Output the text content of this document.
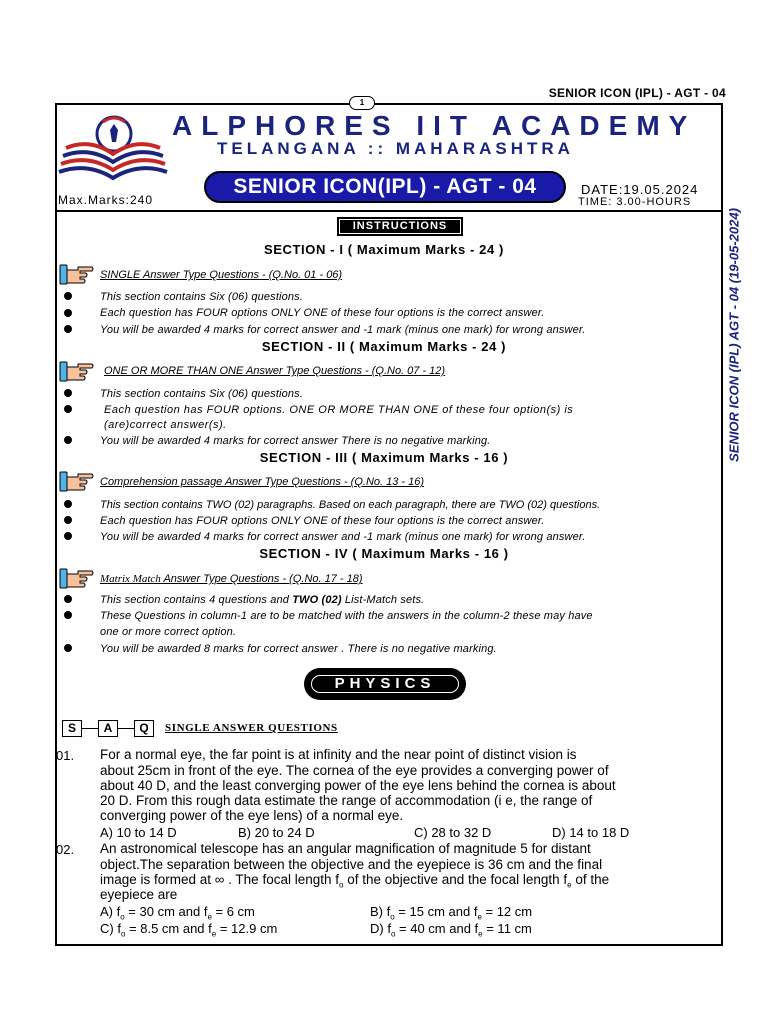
SENIOR ICON (IPL) - AGT - 04
1
ALPHORES IIT ACADEMY
TELANGANA :: MAHARASHTRA
Max.Marks:240
SENIOR ICON(IPL) - AGT - 04	DATE:19.05.2024
TIME: 3.00-HOURS
SENIOR ICON (IPL) AGT - 04 (19-05-2024)
INSTRUCTIONS
SECTION - I ( Maximum Marks - 24 )
SINGLE Answer Type Questions - (Q.No. 01 - 06)
This section contains Six (06) questions.
Each question has FOUR options ONLY ONE of these four options is the correct answer.
You will be awarded 4 marks for correct answer and -1 mark (minus one mark) for wrong answer.
SECTION - II ( Maximum Marks - 24 )
ONE OR MORE THAN ONE Answer Type Questions - (Q.No. 07 - 12)
This section contains Six (06) questions.
Each question has FOUR options. ONE OR MORE THAN ONE of these four option(s) is
(are)correct answer(s).
You will be awarded 4 marks for correct answer There is no negative marking.
SECTION - III ( Maximum Marks - 16 )
Comprehension passage Answer Type Questions - (Q.No. 13 - 16)
This section contains TWO (02) paragraphs. Based on each paragraph, there are TWO (02) questions.
Each question has FOUR options ONLY ONE of these four options is the correct answer.
You will be awarded 4 marks for correct answer and -1 mark (minus one mark) for wrong answer.
SECTION - IV ( Maximum Marks - 16 )
Matrix Match Answer Type Questions - (Q.No. 17 - 18)
This section contains 4 questions and TWO (02) List-Match sets.
These Questions in column-1 are to be matched with the answers in the column-2 these may have
one or more correct option.
You will be awarded 8 marks for correct answer . There is no negative marking.
PHYSICS
S	A	Q	SINGLE ANSWER QUESTIONS
01. For a normal eye, the far point is at infinity and the near point of distinct vision is
about 25cm in front of the eye. The cornea of the eye provides a converging power of
about 40 D, and the least converging power of the eye lens behind the cornea is about
20 D. From this rough data estimate the range of accommodation (i e, the range of
converging power of the eye lens) of a normal eye.
A) 10 to 14 D	B) 20 to 24 D	C) 28 to 32 D	D) 14 to 18 D
02. An astronomical telescope has an angular magnification of magnitude 5 for distant
object.The separation between the objective and the eyepiece is 36 cm and the final
image is formed at ∞ . The focal length $f_o$ of the objective and the focal length $f_e$ of the
eyepiece are
A) $f_o = 30$ cm and $f_e = 6$ cm	B) $f_o = 15$ cm and $f_e = 12$ cm
C) $f_o = 8.5$ cm and $f_e = 12.9$ cm	D) $f_o = 40$ cm and $f_e = 11$ cm
